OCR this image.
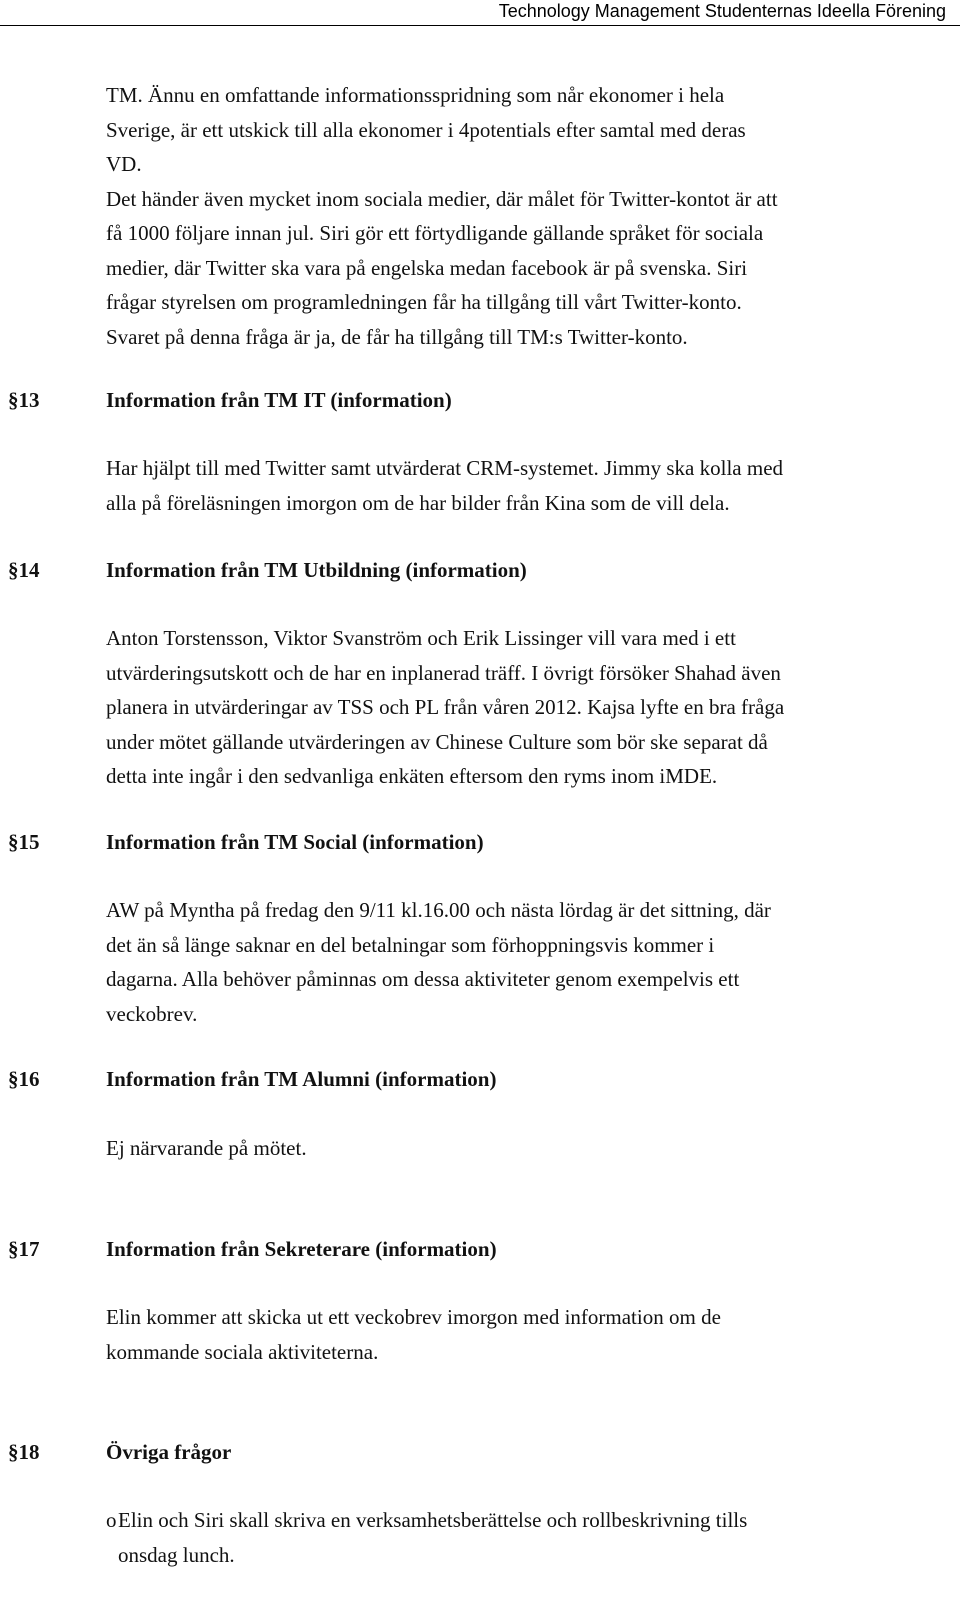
Technology Management Studenternas Ideella Förening
TM. Ännu en omfattande informationsspridning som når ekonomer i hela
Sverige, är ett utskick till alla ekonomer i 4potentials efter samtal med deras
VD.
Det händer även mycket inom sociala medier, där målet för Twitter-kontot är att
få 1000 följare innan jul. Siri gör ett förtydligande gällande språket för sociala
medier, där Twitter ska vara på engelska medan facebook är på svenska. Siri
frågar styrelsen om programledningen får ha tillgång till vårt Twitter-konto.
Svaret på denna fråga är ja, de får ha tillgång till TM:s Twitter-konto.
§13	Information från TM IT (information)
Har hjälpt till med Twitter samt utvärderat CRM-systemet. Jimmy ska kolla med
alla på föreläsningen imorgon om de har bilder från Kina som de vill dela.
§14	Information från TM Utbildning (information)
Anton Torstensson, Viktor Svanström och Erik Lissinger vill vara med i ett
utvärderingsutskott och de har en inplanerad träff. I övrigt försöker Shahad även
planera in utvärderingar av TSS och PL från våren 2012. Kajsa lyfte en bra fråga
under mötet gällande utvärderingen av Chinese Culture som bör ske separat då
detta inte ingår i den sedvanliga enkäten eftersom den ryms inom iMDE.
§15	Information från TM Social (information)
AW på Myntha på fredag den 9/11 kl.16.00 och nästa lördag är det sittning, där
det än så länge saknar en del betalningar som förhoppningsvis kommer i
dagarna. Alla behöver påminnas om dessa aktiviteter genom exempelvis ett
veckobrev.
§16	Information från TM Alumni (information)
Ej närvarande på mötet.
§17	Information från Sekreterare (information)
Elin kommer att skicka ut ett veckobrev imorgon med information om de
kommande sociala aktiviteterna.
§18	Övriga frågor
o Elin och Siri skall skriva en verksamhetsberättelse och rollbeskrivning tills
onsdag lunch.
